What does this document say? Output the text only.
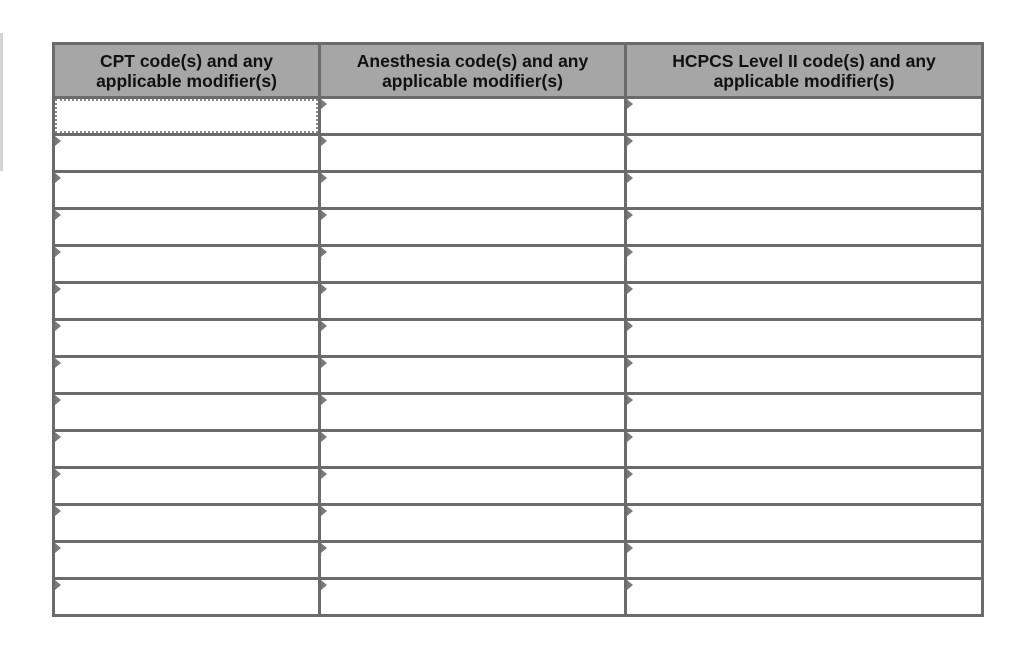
CPT code(s) and any applicable modifier(s)	Anesthesia code(s) and any applicable modifier(s)	HCPCS Level II code(s) and any applicable modifier(s)
